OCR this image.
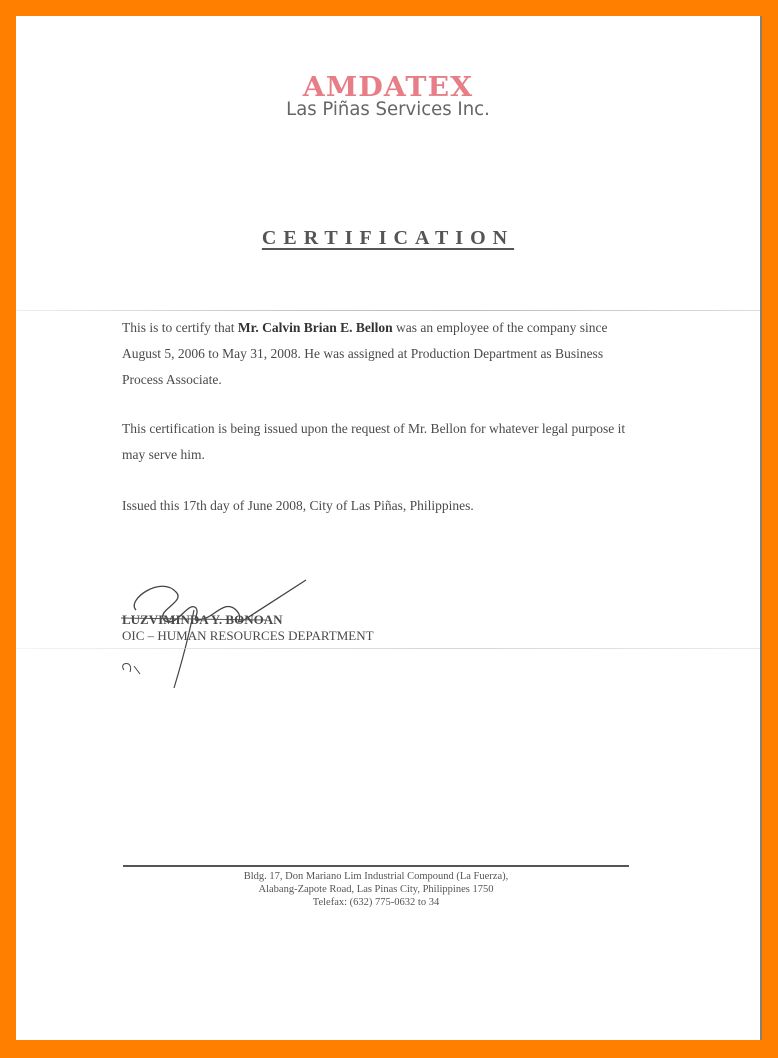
AMDATEX
Las Piñas Services Inc.
CERTIFICATION
This is to certify that Mr. Calvin Brian E. Bellon was an employee of the company since August 5, 2006 to May 31, 2008. He was assigned at Production Department as Business Process Associate.
This certification is being issued upon the request of Mr. Bellon for whatever legal purpose it may serve him.
Issued this 17th day of June 2008, City of Las Piñas, Philippines.
LUZVIMINDA Y. BONOAN
OIC – HUMAN RESOURCES DEPARTMENT
Bldg. 17, Don Mariano Lim Industrial Compound (La Fuerza),
Alabang-Zapote Road, Las Pinas City, Philippines 1750
Telefax: (632) 775-0632 to 34
